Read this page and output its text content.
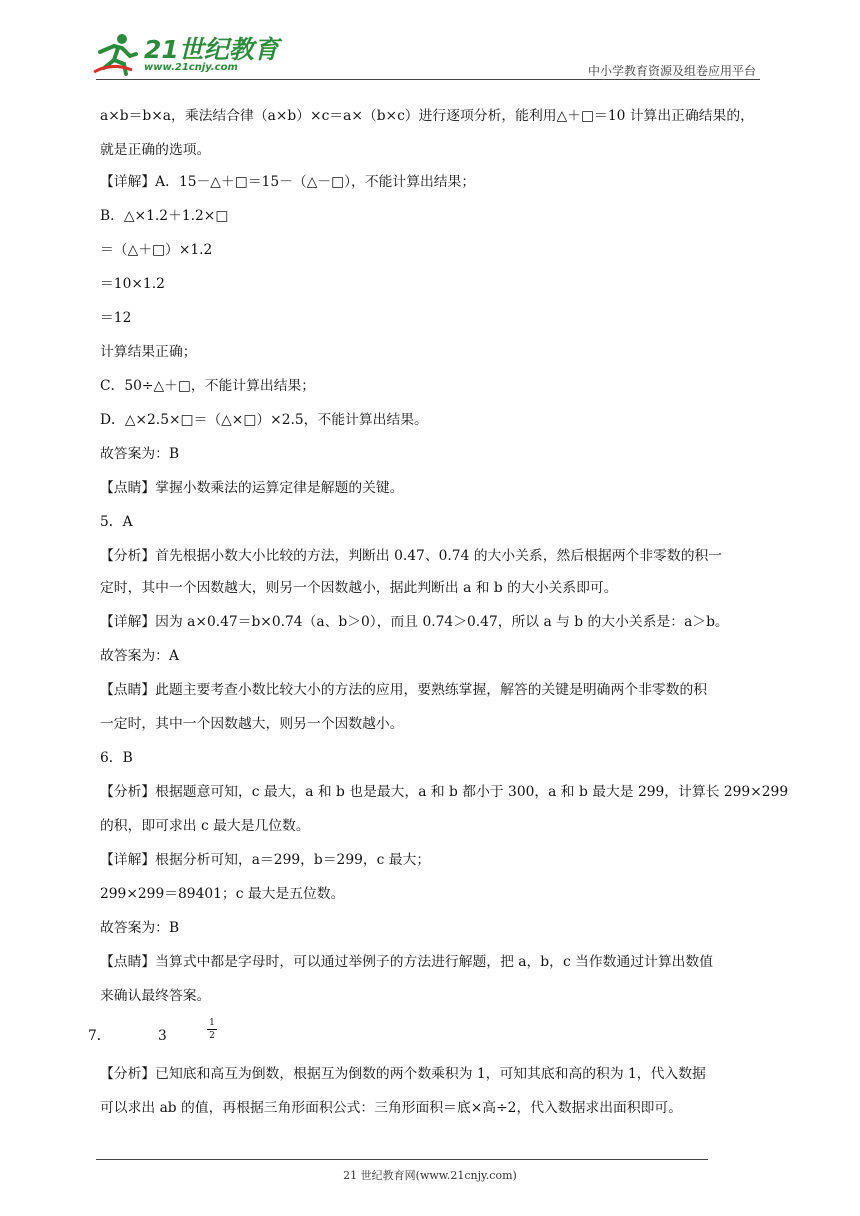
21世纪教育
www.21cnjy.com	中小学教育资源及组卷应用平台
a×b＝b×a，乘法结合律（a×b）×c＝a×（b×c）进行逐项分析，能利用△＋□＝10 计算出正确结果的，
就是正确的选项。
【详解】A．15－△＋□＝15－（△－□），不能计算出结果；
B．△×1.2＋1.2×□
＝（△＋□）×1.2
＝10×1.2
＝12
计算结果正确；
C．50÷△＋□，不能计算出结果；
D．△×2.5×□＝（△×□）×2.5，不能计算出结果。
故答案为：B
【点睛】掌握小数乘法的运算定律是解题的关键。
5．A
【分析】首先根据小数大小比较的方法，判断出 0.47、0.74 的大小关系，然后根据两个非零数的积一
定时，其中一个因数越大，则另一个因数越小，据此判断出 a 和 b 的大小关系即可。
【详解】因为 a×0.47＝b×0.74（a、b＞0），而且 0.74＞0.47，所以 a 与 b 的大小关系是：a＞b。
故答案为：A
【点睛】此题主要考查小数比较大小的方法的应用，要熟练掌握，解答的关键是明确两个非零数的积
一定时，其中一个因数越大，则另一个因数越小。
6．B
【分析】根据题意可知，c 最大，a 和 b 也是最大，a 和 b 都小于 300，a 和 b 最大是 299，计算长 299×299
的积，即可求出 c 最大是几位数。
【详解】根据分析可知，a＝299，b＝299，c 最大；
299×299＝89401；c 最大是五位数。
故答案为：B
【点睛】当算式中都是字母时，可以通过举例子的方法进行解题，把 a，b，c 当作数通过计算出数值
来确认最终答案。
7．	3
1
2
【分析】已知底和高互为倒数，根据互为倒数的两个数乘积为 1，可知其底和高的积为 1，代入数据
可以求出 ab 的值，再根据三角形面积公式：三角形面积＝底×高÷2，代入数据求出面积即可。
21 世纪教育网(www.21cnjy.com)
